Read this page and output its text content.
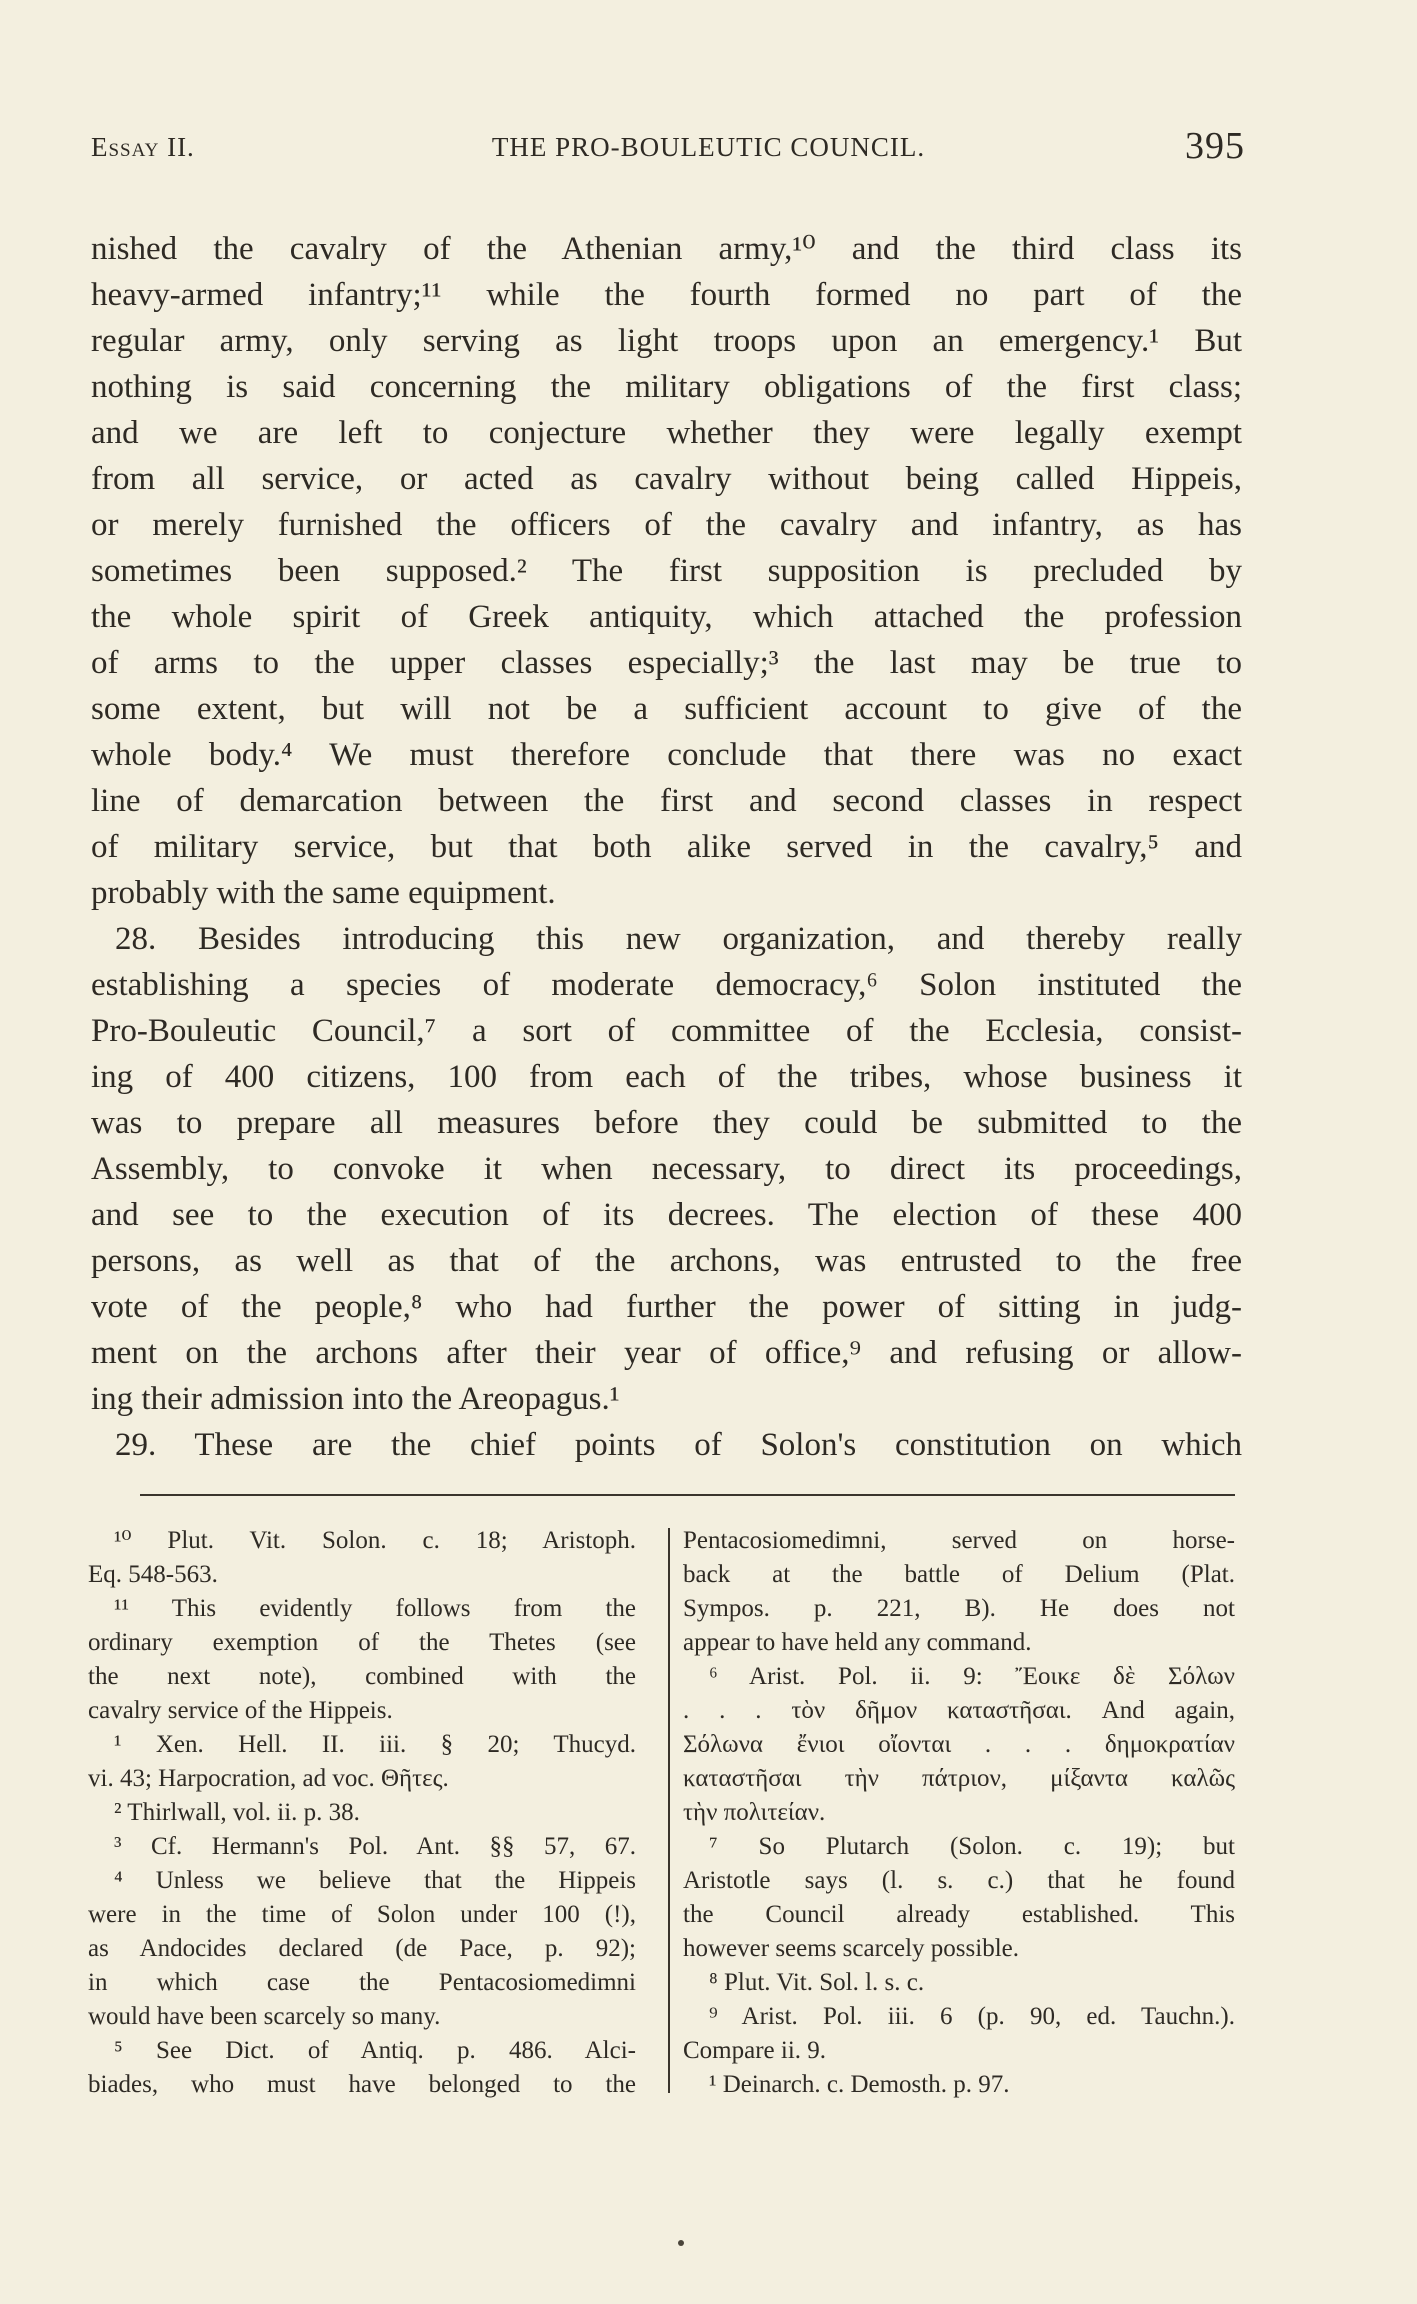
Essay II.	THE PRO-BOULEUTIC COUNCIL.	395
nished the cavalry of the Athenian army,¹⁰ and the third class its
heavy-armed infantry;¹¹ while the fourth formed no part of the
regular army, only serving as light troops upon an emergency.¹ But
nothing is said concerning the military obligations of the first class;
and we are left to conjecture whether they were legally exempt
from all service, or acted as cavalry without being called Hippeis,
or merely furnished the officers of the cavalry and infantry, as has
sometimes been supposed.² The first supposition is precluded by
the whole spirit of Greek antiquity, which attached the profession
of arms to the upper classes especially;³ the last may be true to
some extent, but will not be a sufficient account to give of the
whole body.⁴ We must therefore conclude that there was no exact
line of demarcation between the first and second classes in respect
of military service, but that both alike served in the cavalry,⁵ and
probably with the same equipment.
28. Besides introducing this new organization, and thereby really
establishing a species of moderate democracy,⁶ Solon instituted the
Pro-Bouleutic Council,⁷ a sort of committee of the Ecclesia, consist-
ing of 400 citizens, 100 from each of the tribes, whose business it
was to prepare all measures before they could be submitted to the
Assembly, to convoke it when necessary, to direct its proceedings,
and see to the execution of its decrees. The election of these 400
persons, as well as that of the archons, was entrusted to the free
vote of the people,⁸ who had further the power of sitting in judg-
ment on the archons after their year of office,⁹ and refusing or allow-
ing their admission into the Areopagus.¹
29. These are the chief points of Solon's constitution on which
¹⁰ Plut. Vit. Solon. c. 18; Aristoph.
Eq. 548-563.
¹¹ This evidently follows from the
ordinary exemption of the Thetes (see
the next note), combined with the
cavalry service of the Hippeis.
¹ Xen. Hell. II. iii. § 20; Thucyd.
vi. 43; Harpocration, ad voc. Θῆτες.
² Thirlwall, vol. ii. p. 38.
³ Cf. Hermann's Pol. Ant. §§ 57, 67.
⁴ Unless we believe that the Hippeis
were in the time of Solon under 100 (!),
as Andocides declared (de Pace, p. 92);
in which case the Pentacosiomedimni
would have been scarcely so many.
⁵ See Dict. of Antiq. p. 486. Alci-
biades, who must have belonged to the
Pentacosiomedimni, served on horse-
back at the battle of Delium (Plat.
Sympos. p. 221, B). He does not
appear to have held any command.
⁶ Arist. Pol. ii. 9: Ἔοικε δὲ Σόλων
. . . τὸν δῆμον καταστῆσαι. And again,
Σόλωνα ἔνιοι οἴονται . . . δημοκρατίαν
καταστῆσαι τὴν πάτριον, μίξαντα καλῶς
τὴν πολιτείαν.
⁷ So Plutarch (Solon. c. 19); but
Aristotle says (l. s. c.) that he found
the Council already established. This
however seems scarcely possible.
⁸ Plut. Vit. Sol. l. s. c.
⁹ Arist. Pol. iii. 6 (p. 90, ed. Tauchn.).
Compare ii. 9.
¹ Deinarch. c. Demosth. p. 97.
